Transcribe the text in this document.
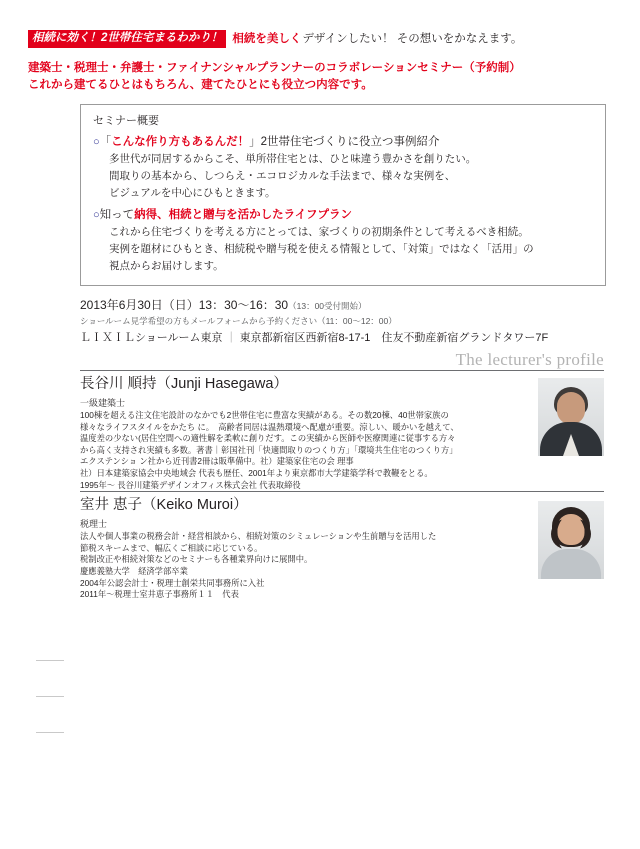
相続に効く！2世帯住宅まるわかり！ 相続を美しく デザインしたい！ その想いをかなえます。
建築士・税理士・弁護士・ファイナンシャルプランナーのコラボレーションセミナー（予約制）
これから建てるひとはもちろん、建てたひとにも役立つ内容です。
セミナー概要
○「こんな作り方もあるんだ！」2世帯住宅づくりに役立つ事例紹介
多世代が同居するからこそ、単所帯住宅とは、ひと味違う豊かさを創りたい。
間取りの基本から、しつらえ・エコロジカルな手法まで、様々な実例を、
ビジュアルを中心にひもときます。
○知って納得、相続と贈与を活かしたライフプラン
これから住宅づくりを考える方にとっては、家づくりの初期条件として考えるべき相続。
実例を題材にひもとき、相続税や贈与税を使える情報として、「対策」ではなく「活用」の
視点からお届けします。
2013年6月30日（日）13：30〜16：30（13：00受付開始）
ショールーム見学希望の方もメールフォームから予約ください（11：00〜12：00）
ＬＩＸＩＬショールーム東京 ｜ 東京都新宿区西新宿8-17-1　住友不動産新宿グランドタワー7F
The lecturer's profile
長谷川 順持（Junji Hasegawa）
一級建築士
100棟を超える注文住宅設計のなかでも2世帯住宅に豊富な実績がある。その数20棟、40世帯家族の
様々なライフスタイルをかたち に。　高齢者同居は温熱環境へ配慮が重要。涼しい、暖かいを越えて、
温度差の少ない(居住空間への適性解を柔軟に創りだす。この実績から医師や医療関連に従事する方々
から高く支持され実績も多数。著書｜彰国社刊「快適間取りのつくり方」「環境共生住宅のつくり方」
エクステンショ ン社から近刊書2冊は販準備中。社）建築家住宅の会 理事
社）日本建築家協会中央地域会 代表も歴任、2001年より東京都市大学建築学科で教鞭をとる。
1995年〜 長谷川建築デザインオフィス株式会社 代表取締役
室井 恵子（Keiko Muroi）
税理士
法人や個人事業の税務会計・経営相談から、相続対策のシミュレーションや生前贈与を活用した
節税スキームまで、幅広くご相談に応じている。
税制改正や相続対策などのセミナーも各種業界向けに展開中。
慶應義塾大学　経済学部卒業
2004年公認会計士・税理士創栄共同事務所に入社
2011年〜税理士室井恵子事務所１１　代表
